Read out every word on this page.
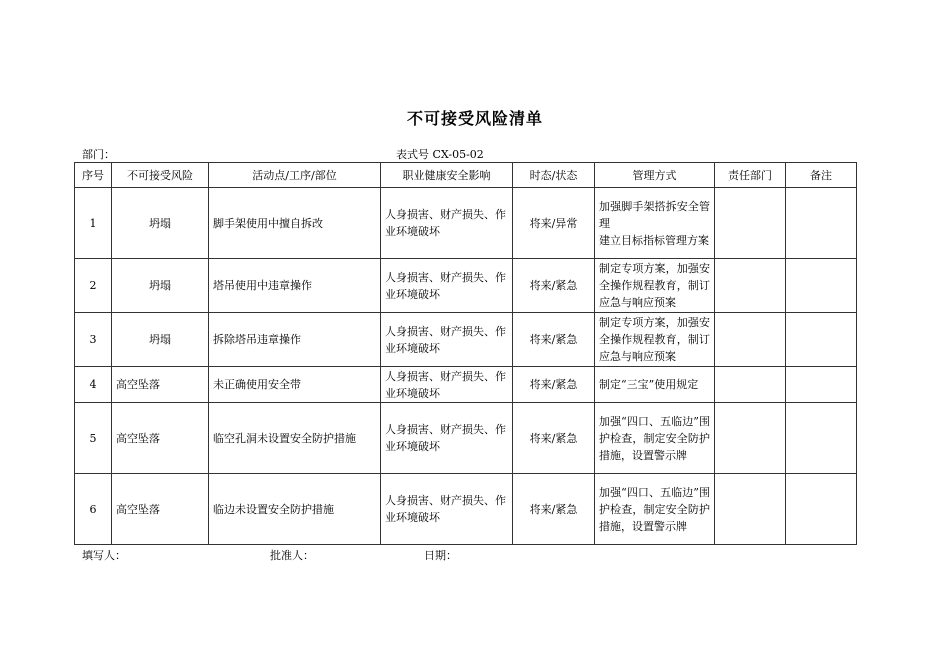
不可接受风险清单
部门：	表式号 CX-05-02
序号	不可接受风险	活动点/工序/部位	职业健康安全影响	时态/状态	管理方式	责任部门	备注
1	坍塌	脚手架使用中擅自拆改	人身损害、财产损失、作业环境破坏	将来/异常	加强脚手架搭拆安全管理
建立目标指标管理方案		
2	坍塌	塔吊使用中违章操作	人身损害、财产损失、作业环境破坏	将来/紧急	制定专项方案，加强安全操作规程教育，制订应急与响应预案		
3	坍塌	拆除塔吊违章操作	人身损害、财产损失、作业环境破坏	将来/紧急	制定专项方案，加强安全操作规程教育，制订应急与响应预案		
4	高空坠落	未正确使用安全带	人身损害、财产损失、作业环境破坏	将来/紧急	制定“三宝”使用规定		
5	高空坠落	临空孔洞未设置安全防护措施	人身损害、财产损失、作业环境破坏	将来/紧急	加强“四口、五临边”围护检查，制定安全防护措施，设置警示牌		
6	高空坠落	临边未设置安全防护措施	人身损害、财产损失、作业环境破坏	将来/紧急	加强“四口、五临边”围护检查，制定安全防护措施，设置警示牌		
填写人：	批准人：	日期：
